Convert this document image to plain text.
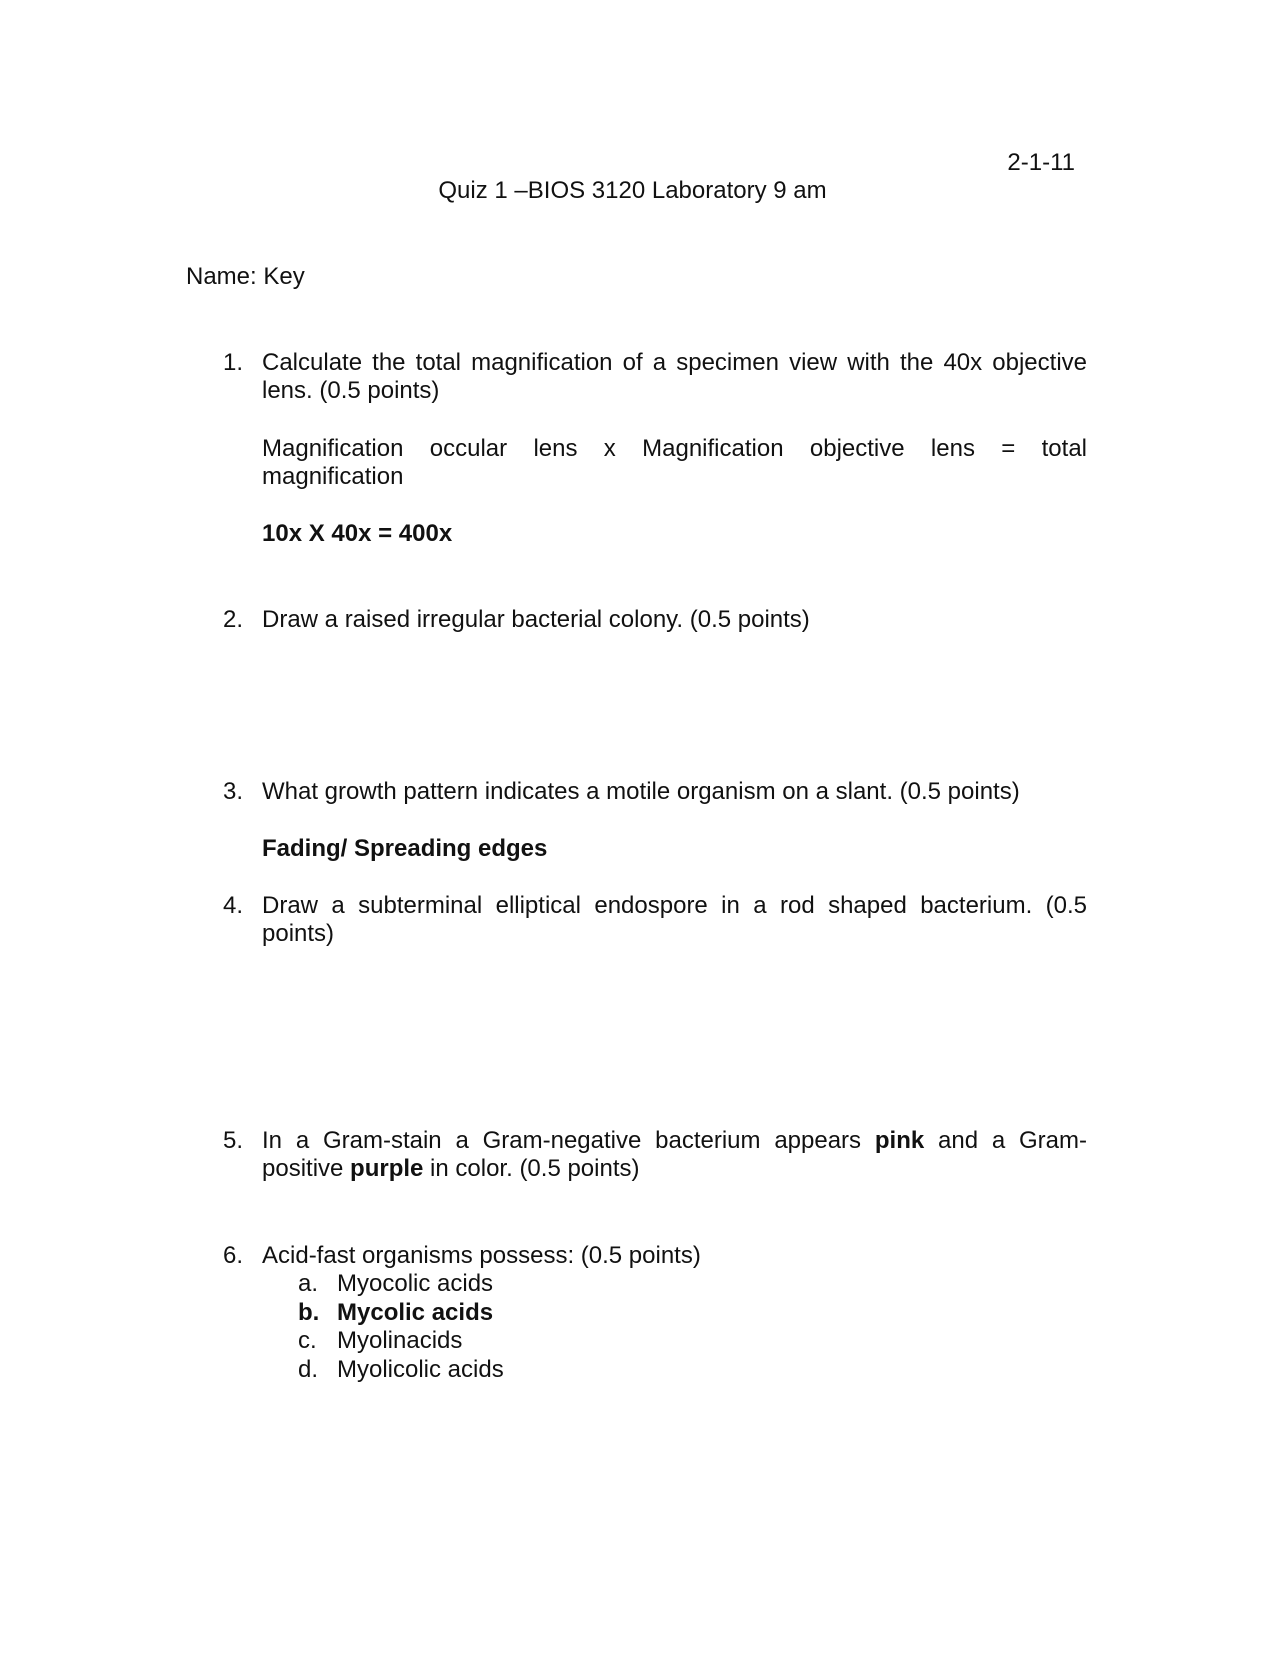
2-1-11
Quiz 1 –BIOS 3120 Laboratory 9 am
Name: Key
1. Calculate the total magnification of a specimen view with the 40x objective lens. (0.5 points)
Magnification occular lens x Magnification objective lens = total
magnification
10x X 40x = 400x
2. Draw a raised irregular bacterial colony. (0.5 points)
3. What growth pattern indicates a motile organism on a slant. (0.5 points)
Fading/ Spreading edges
4. Draw a subterminal elliptical endospore in a rod shaped bacterium. (0.5 points)
5. In a Gram-stain a Gram-negative bacterium appears pink and a Gram-positive purple in color. (0.5 points)
6. Acid-fast organisms possess: (0.5 points)
a. Myocolic acids
b. Mycolic acids
c. Myolinacids
d. Myolicolic acids
